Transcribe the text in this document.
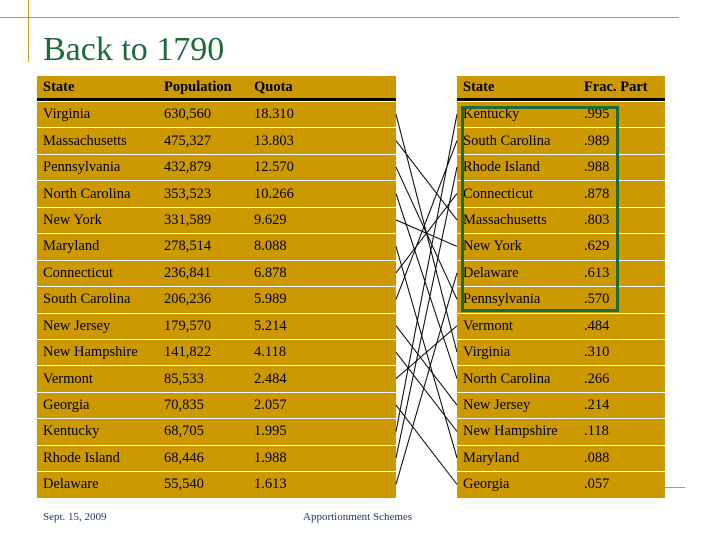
Back to 1790
State	Population	Quota
Virginia	630,560	18.310
Massachusetts	475,327	13.803
Pennsylvania	432,879	12.570
North Carolina	353,523	10.266
New York	331,589	9.629
Maryland	278,514	8.088
Connecticut	236,841	6.878
South Carolina	206,236	5.989
New Jersey	179,570	5.214
New Hampshire	141,822	4.118
Vermont	85,533	2.484
Georgia	70,835	2.057
Kentucky	68,705	1.995
Rhode Island	68,446	1.988
Delaware	55,540	1.613
State	Frac. Part
Kentucky	.995
South Carolina	.989
Rhode Island	.988
Connecticut	.878
Massachusetts	.803
New York	.629
Delaware	.613
Pennsylvania	.570
Vermont	.484
Virginia	.310
North Carolina	.266
New Jersey	.214
New Hampshire	.118
Maryland	.088
Georgia	.057
Sept. 15, 2009	Apportionment Schemes
